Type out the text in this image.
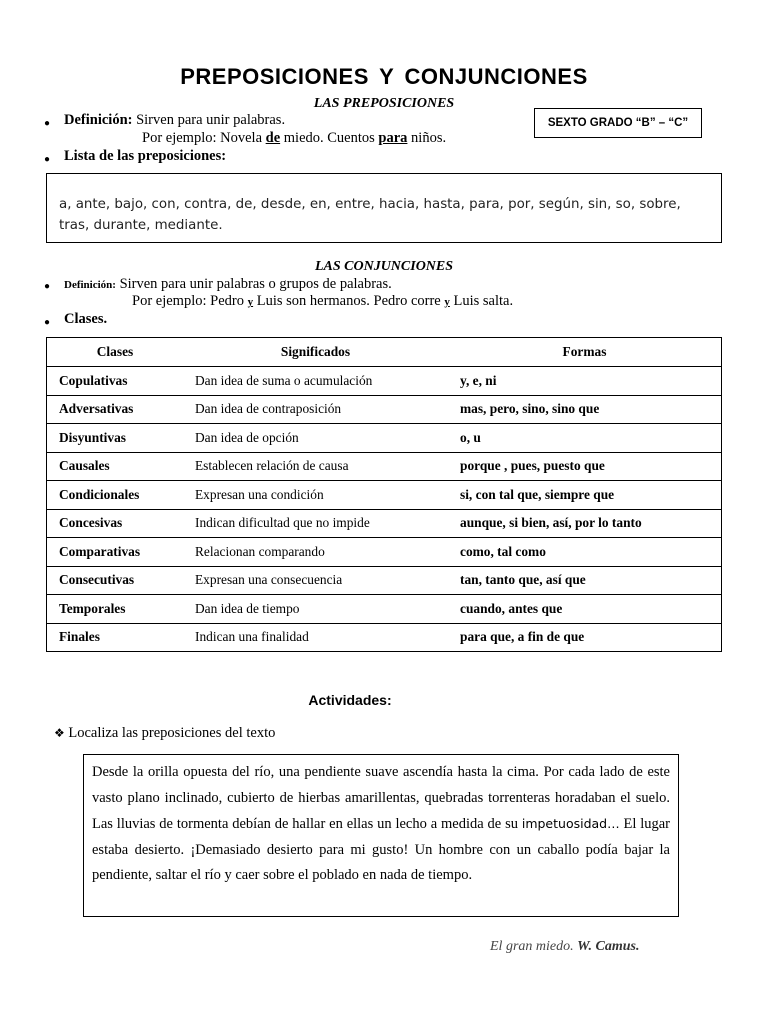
PREPOSICIONES Y CONJUNCIONES
LAS PREPOSICIONES
● Definición: Sirven para unir palabras.
Por ejemplo: Novela de miedo. Cuentos para niños.
● Lista de las preposiciones:
SEXTO GRADO “B” – “C”
a, ante, bajo, con, contra, de, desde, en, entre, hacia, hasta, para, por, según, sin, so, sobre, tras, durante, mediante.
LAS CONJUNCIONES
● Definición: Sirven para unir palabras o grupos de palabras.
Por ejemplo: Pedro y Luis son hermanos. Pedro corre y Luis salta.
● Clases.
Clases	Significados	Formas
Copulativas	Dan idea de suma o acumulación	y, e, ni
Adversativas	Dan idea de contraposición	mas, pero, sino, sino que
Disyuntivas	Dan idea de opción	o, u
Causales	Establecen relación de causa	porque , pues, puesto que
Condicionales	Expresan una condición	si, con tal que, siempre que
Concesivas	Indican dificultad que no impide	aunque, si bien, así, por lo tanto
Comparativas	Relacionan comparando	como, tal como
Consecutivas	Expresan una consecuencia	tan, tanto que, así que
Temporales	Dan idea de tiempo	cuando, antes que
Finales	Indican una finalidad	para que, a fin de que
Actividades:
❖ Localiza las preposiciones del texto
Desde la orilla opuesta del río, una pendiente suave ascendía hasta la cima. Por cada lado de este vasto plano inclinado, cubierto de hierbas amarillentas, quebradas torrenteras horadaban el suelo. Las lluvias de tormenta debían de hallar en ellas un lecho a medida de su impetuosidad… El lugar estaba desierto. ¡Demasiado desierto para mi gusto! Un hombre con un caballo podía bajar la pendiente, saltar el río y caer sobre el poblado en nada de tiempo.
El gran miedo. W. Camus.
